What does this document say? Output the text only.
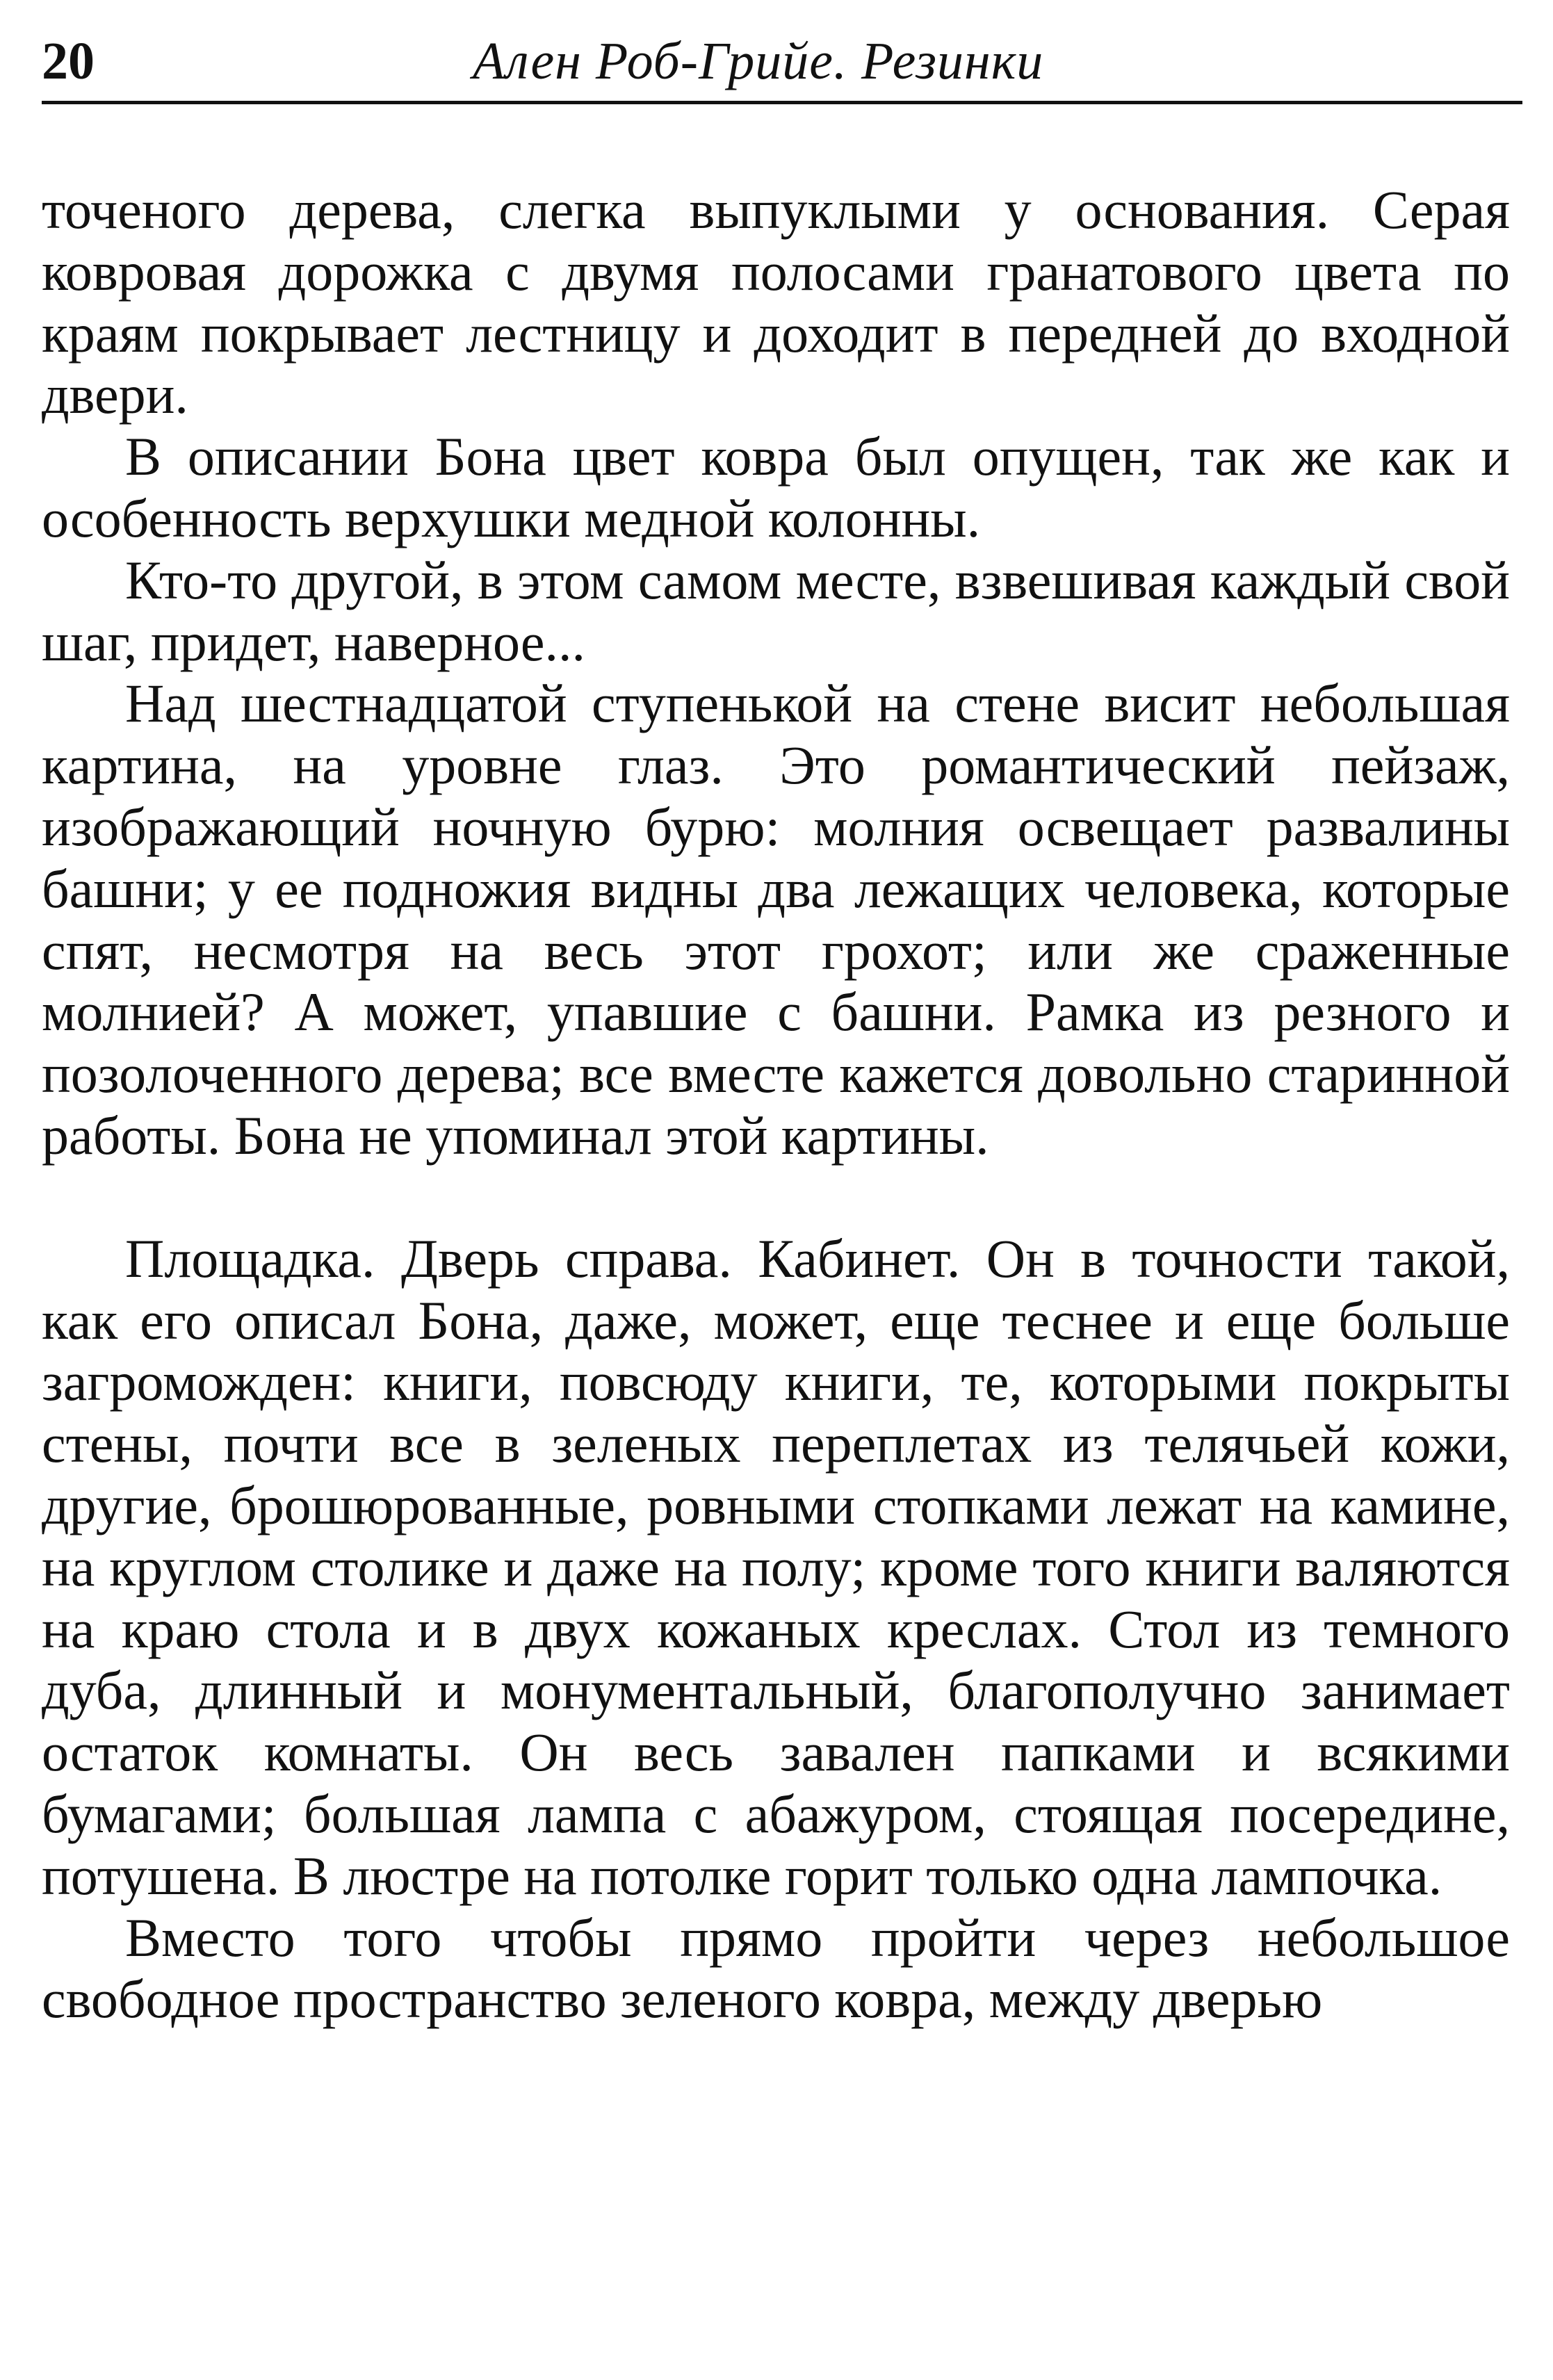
20	Ален Роб-Грийе. Резинки

точеного дерева, слегка выпуклыми у основания. Серая ковровая дорожка с двумя полосами гранатового цвета по краям покрывает лестницу и доходит в передней до входной двери.

В описании Бона цвет ковра был опущен, так же как и особенность верхушки медной колонны.

Кто-то другой, в этом самом месте, взвешивая каждый свой шаг, придет, наверное...

Над шестнадцатой ступенькой на стене висит небольшая картина, на уровне глаз. Это романтический пейзаж, изображающий ночную бурю: молния освещает развалины башни; у ее подножия видны два лежащих человека, которые спят, несмотря на весь этот грохот; или же сраженные молнией? А может, упавшие с башни. Рамка из резного и позолоченного дерева; все вместе кажется довольно старинной работы. Бона не упоминал этой картины.

Площадка. Дверь справа. Кабинет. Он в точности такой, как его описал Бона, даже, может, еще теснее и еще больше загроможден: книги, повсюду книги, те, которыми покрыты стены, почти все в зеленых переплетах из телячьей кожи, другие, брошюрованные, ровными стопками лежат на камине, на круглом столике и даже на полу; кроме того книги валяются на краю стола и в двух кожаных креслах. Стол из темного дуба, длинный и монументальный, благополучно занимает остаток комнаты. Он весь завален папками и всякими бумагами; большая лампа с абажуром, стоящая посередине, потушена. В люстре на потолке горит только одна лампочка.

Вместо того чтобы прямо пройти через небольшое свободное пространство зеленого ковра, между дверью
